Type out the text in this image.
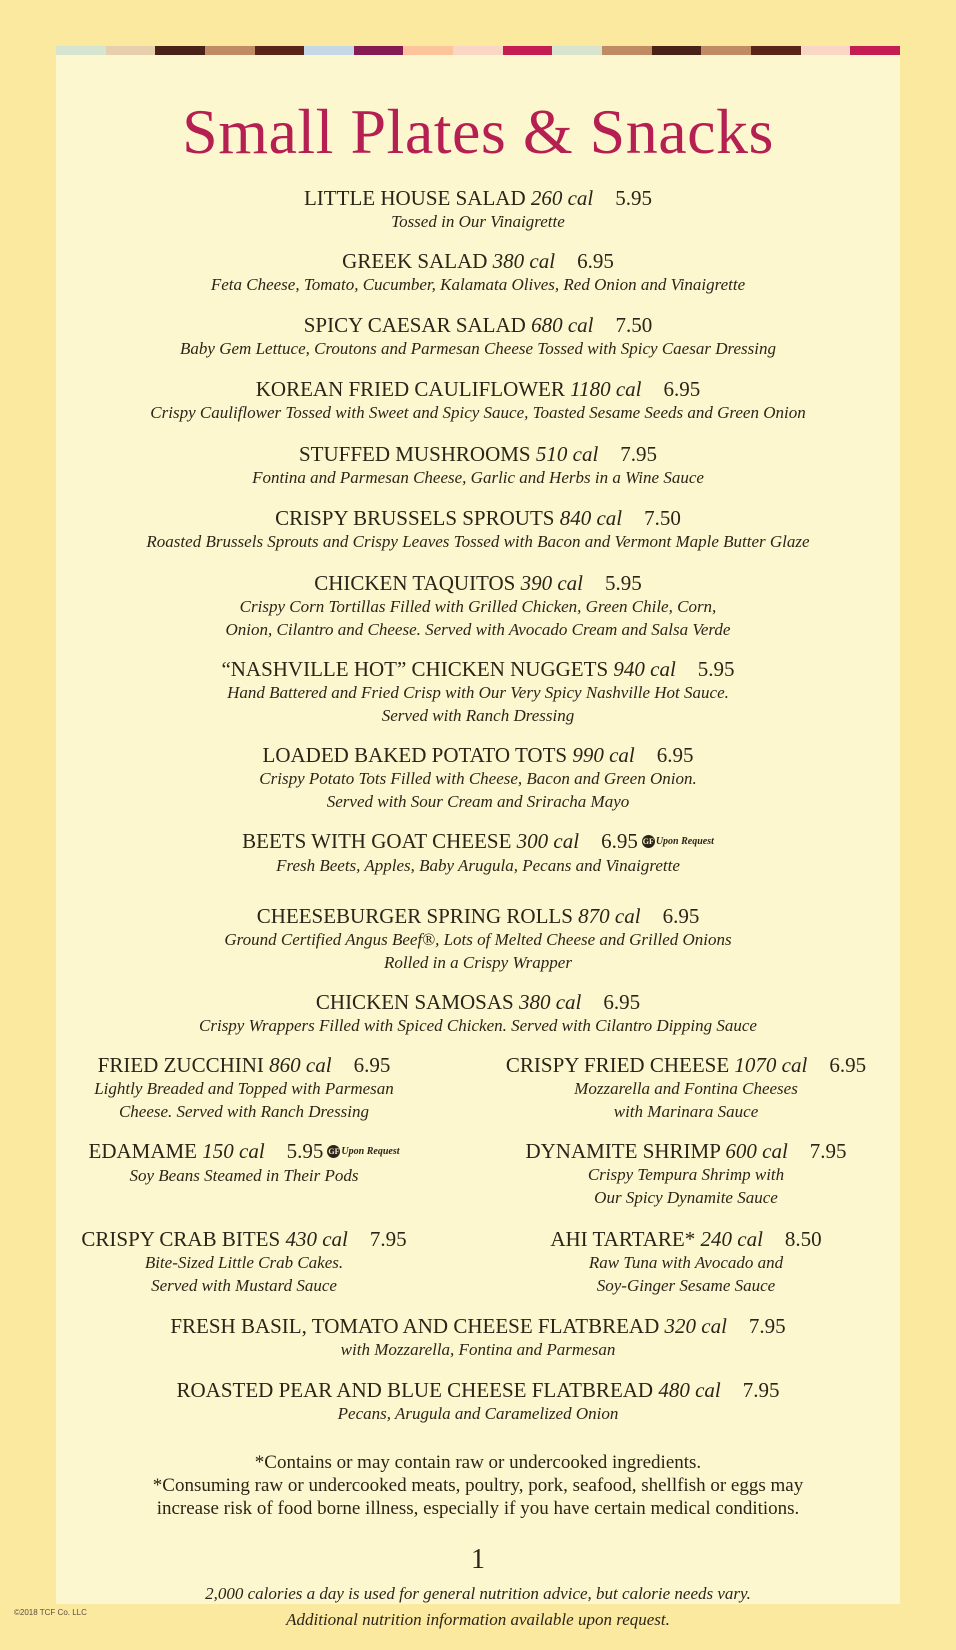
Small Plates & Snacks
LITTLE HOUSE SALAD 260 cal 5.95
Tossed in Our Vinaigrette
GREEK SALAD 380 cal 6.95
Feta Cheese, Tomato, Cucumber, Kalamata Olives, Red Onion and Vinaigrette
SPICY CAESAR SALAD 680 cal 7.50
Baby Gem Lettuce, Croutons and Parmesan Cheese Tossed with Spicy Caesar Dressing
KOREAN FRIED CAULIFLOWER 1180 cal 6.95
Crispy Cauliflower Tossed with Sweet and Spicy Sauce, Toasted Sesame Seeds and Green Onion
STUFFED MUSHROOMS 510 cal 7.95
Fontina and Parmesan Cheese, Garlic and Herbs in a Wine Sauce
CRISPY BRUSSELS SPROUTS 840 cal 7.50
Roasted Brussels Sprouts and Crispy Leaves Tossed with Bacon and Vermont Maple Butter Glaze
CHICKEN TAQUITOS 390 cal 5.95
Crispy Corn Tortillas Filled with Grilled Chicken, Green Chile, Corn,
Onion, Cilantro and Cheese. Served with Avocado Cream and Salsa Verde
“NASHVILLE HOT” CHICKEN NUGGETS 940 cal 5.95
Hand Battered and Fried Crisp with Our Very Spicy Nashville Hot Sauce.
Served with Ranch Dressing
LOADED BAKED POTATO TOTS 990 cal 6.95
Crispy Potato Tots Filled with Cheese, Bacon and Green Onion.
Served with Sour Cream and Sriracha Mayo
BEETS WITH GOAT CHEESE 300 cal 6.95 GF Upon Request
Fresh Beets, Apples, Baby Arugula, Pecans and Vinaigrette
CHEESEBURGER SPRING ROLLS 870 cal 6.95
Ground Certified Angus Beef®, Lots of Melted Cheese and Grilled Onions
Rolled in a Crispy Wrapper
CHICKEN SAMOSAS 380 cal 6.95
Crispy Wrappers Filled with Spiced Chicken. Served with Cilantro Dipping Sauce
FRIED ZUCCHINI 860 cal 6.95
Lightly Breaded and Topped with Parmesan
Cheese. Served with Ranch Dressing
EDAMAME 150 cal 5.95 GF Upon Request
Soy Beans Steamed in Their Pods
CRISPY CRAB BITES 430 cal 7.95
Bite-Sized Little Crab Cakes.
Served with Mustard Sauce
CRISPY FRIED CHEESE 1070 cal 6.95
Mozzarella and Fontina Cheeses
with Marinara Sauce
DYNAMITE SHRIMP 600 cal 7.95
Crispy Tempura Shrimp with
Our Spicy Dynamite Sauce
AHI TARTARE* 240 cal 8.50
Raw Tuna with Avocado and
Soy-Ginger Sesame Sauce
FRESH BASIL, TOMATO AND CHEESE FLATBREAD 320 cal 7.95
with Mozzarella, Fontina and Parmesan
ROASTED PEAR AND BLUE CHEESE FLATBREAD 480 cal 7.95
Pecans, Arugula and Caramelized Onion
*Contains or may contain raw or undercooked ingredients.
*Consuming raw or undercooked meats, poultry, pork, seafood, shellfish or eggs may
increase risk of food borne illness, especially if you have certain medical conditions.
1
2,000 calories a day is used for general nutrition advice, but calorie needs vary.
Additional nutrition information available upon request.
©2018 TCF Co. LLC
